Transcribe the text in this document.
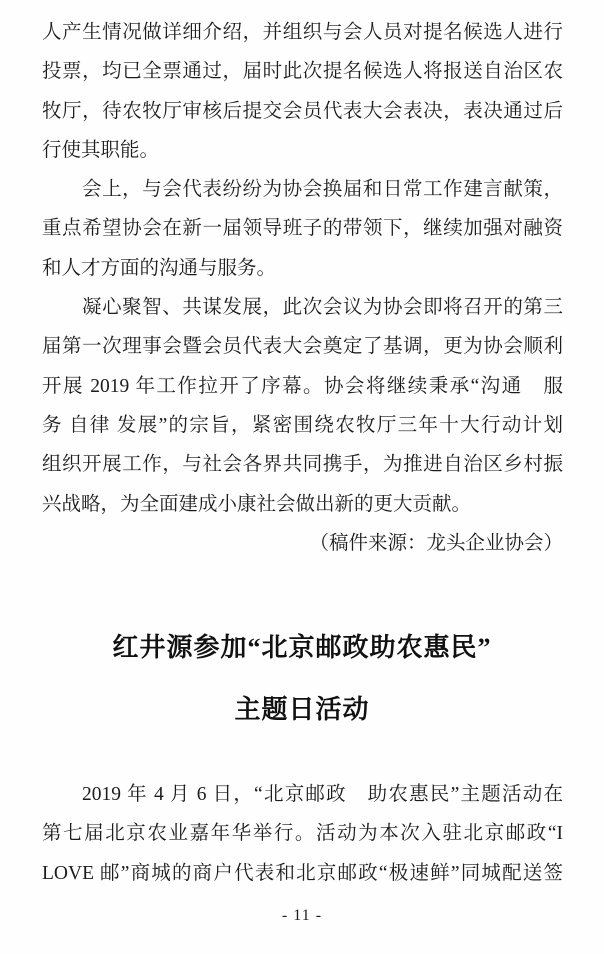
人产生情况做详细介绍，并组织与会人员对提名候选人进行
投票，均已全票通过，届时此次提名候选人将报送自治区农
牧厅，待农牧厅审核后提交会员代表大会表决，表决通过后
行使其职能。
会上，与会代表纷纷为协会换届和日常工作建言献策，
重点希望协会在新一届领导班子的带领下，继续加强对融资
和人才方面的沟通与服务。
凝心聚智、共谋发展，此次会议为协会即将召开的第三
届第一次理事会暨会员代表大会奠定了基调，更为协会顺利
开展 2019 年工作拉开了序幕。协会将继续秉承“沟通　服
务 自律 发展”的宗旨，紧密围绕农牧厅三年十大行动计划
组织开展工作，与社会各界共同携手，为推进自治区乡村振
兴战略，为全面建成小康社会做出新的更大贡献。
（稿件来源：龙头企业协会）
红井源参加“北京邮政助农惠民”
主题日活动
2019 年 4 月 6 日，“北京邮政　助农惠民”主题活动在
第七届北京农业嘉年华举行。活动为本次入驻北京邮政“I
LOVE 邮”商城的商户代表和北京邮政“极速鲜”同城配送签
- 11 -
